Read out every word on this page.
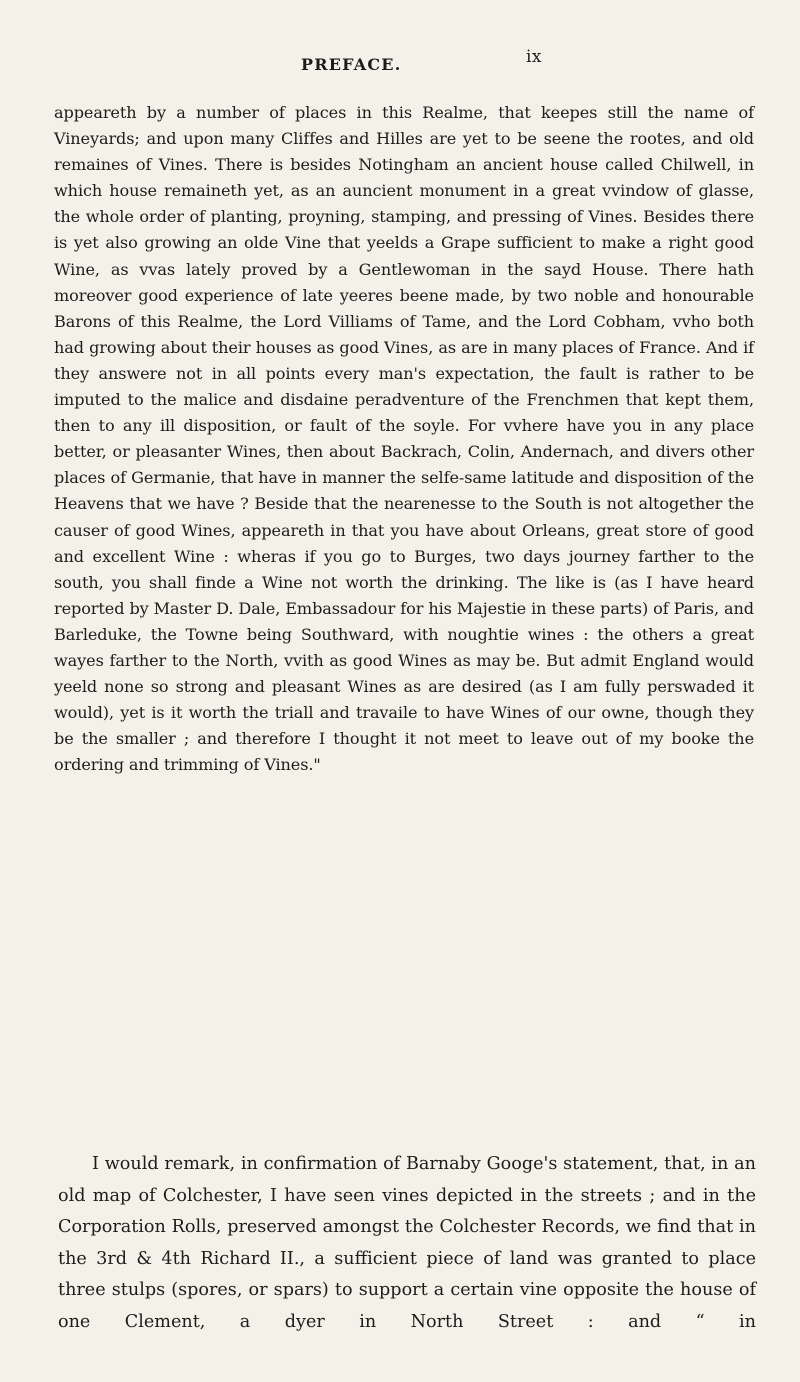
PREFACE.	ix

appeareth by a number of places in this Realme, that keepes still the name of Vineyards; and upon many Cliffes and Hilles are yet to be seene the rootes, and old remaines of Vines. There is besides Notingham an ancient house called Chilwell, in which house remaineth yet, as an auncient monument in a great vvindow of glasse, the whole order of planting, proyning, stamping, and pressing of Vines. Besides there is yet also growing an olde Vine that yeelds a Grape sufficient to make a right good Wine, as vvas lately proved by a Gentlewoman in the sayd House. There hath moreover good experience of late yeeres beene made, by two noble and honourable Barons of this Realme, the Lord Villiams of Tame, and the Lord Cobham, vvho both had growing about their houses as good Vines, as are in many places of France. And if they answere not in all points every man's expectation, the fault is rather to be imputed to the malice and disdaine peradventure of the Frenchmen that kept them, then to any ill disposition, or fault of the soyle. For vvhere have you in any place better, or pleasanter Wines, then about Backrach, Colin, Andernach, and divers other places of Germanie, that have in manner the selfe-same latitude and disposition of the Heavens that we have ? Beside that the nearenesse to the South is not altogether the causer of good Wines, appeareth in that you have about Orleans, great store of good and excellent Wine : wheras if you go to Burges, two days journey farther to the south, you shall finde a Wine not worth the drinking. The like is (as I have heard reported by Master D. Dale, Embassadour for his Majestie in these parts) of Paris, and Barleduke, the Towne being Southward, with noughtie wines : the others a great wayes farther to the North, vvith as good Wines as may be. But admit England would yeeld none so strong and pleasant Wines as are desired (as I am fully perswaded it would), yet is it worth the triall and travaile to have Wines of our owne, though they be the smaller ; and therefore I thought it not meet to leave out of my booke the ordering and trimming of Vines."

I would remark, in confirmation of Barnaby Googe's statement, that, in an old map of Colchester, I have seen vines depicted in the streets ; and in the Corporation Rolls, preserved amongst the Colchester Records, we find that in the 3rd & 4th Richard II., a sufficient piece of land was granted to place three stulps (spores, or spars) to support a certain vine opposite the house of one Clement, a dyer in North Street : and “ in
